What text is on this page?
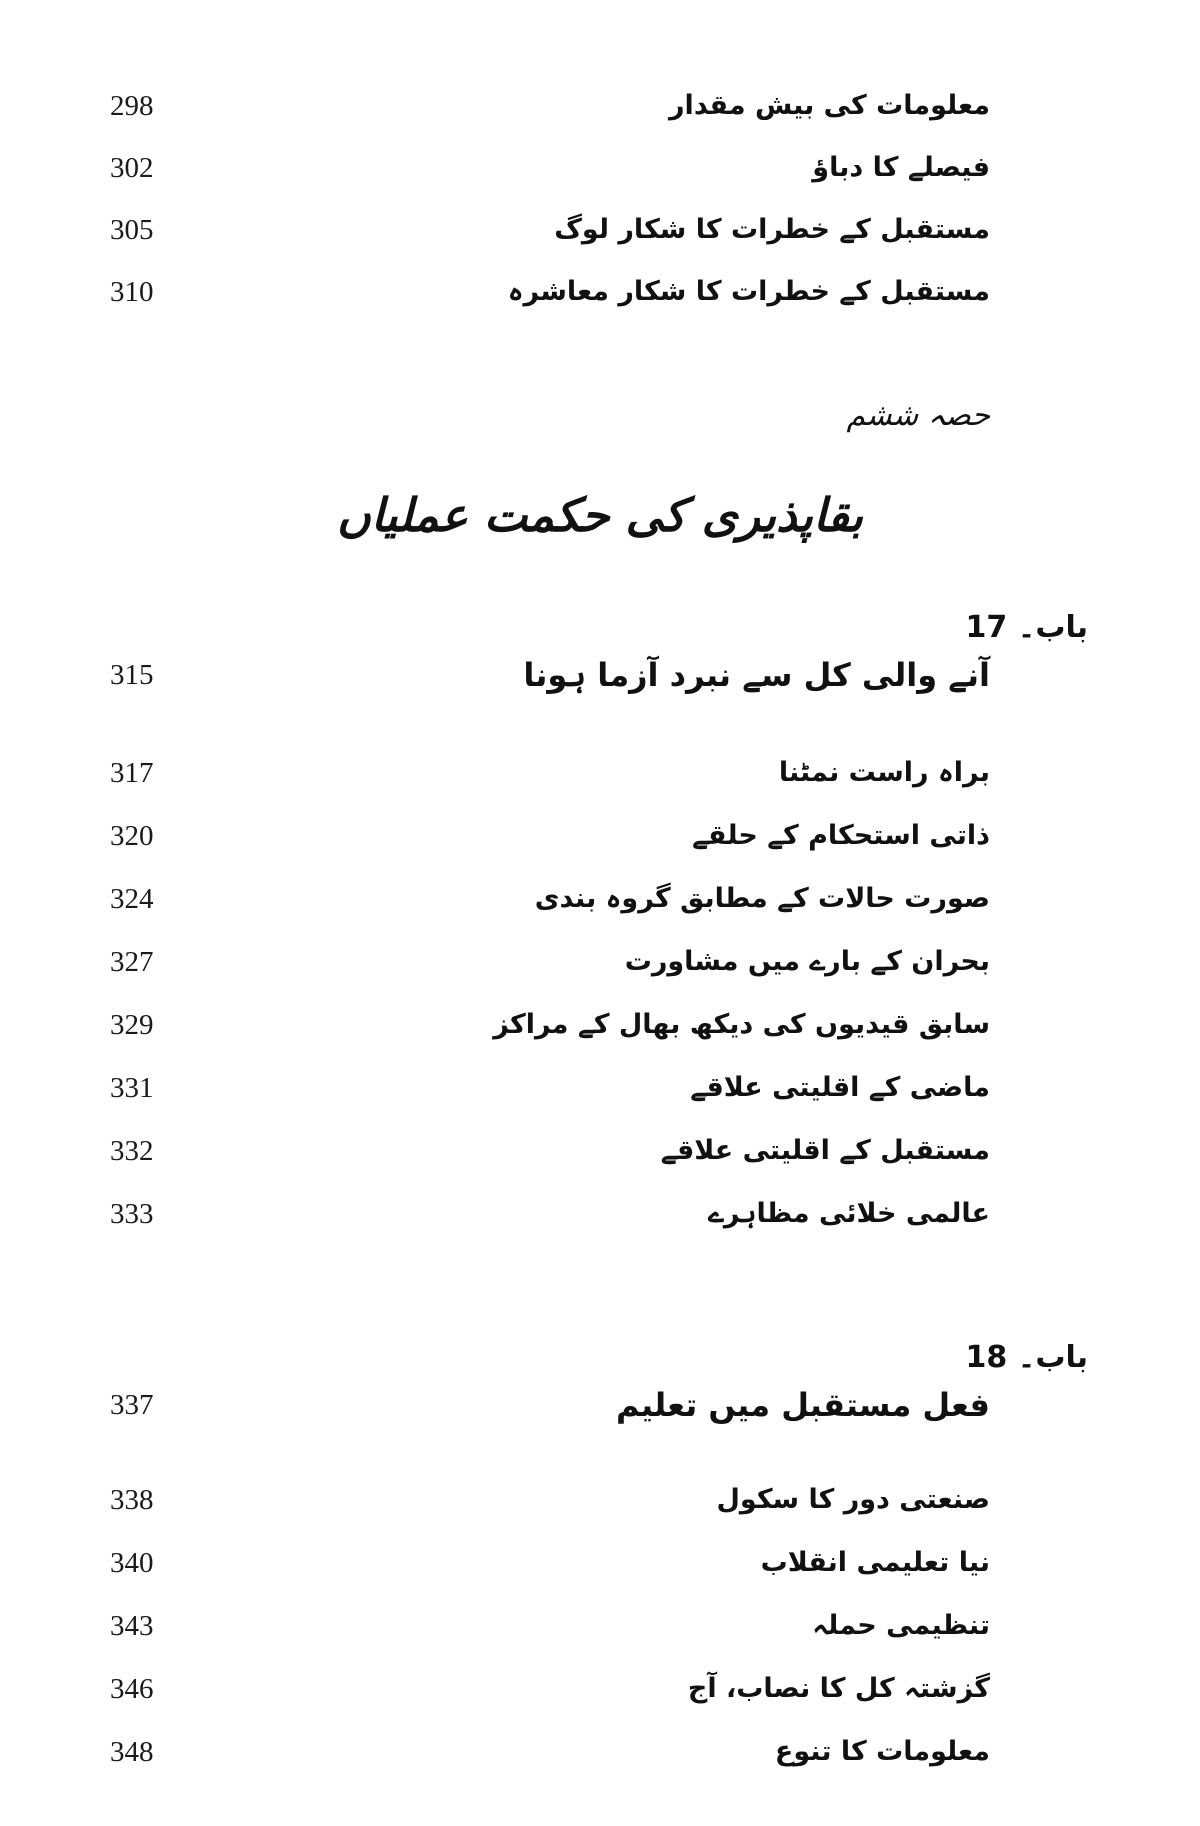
298	معلومات کی بیش مقدار
302	فیصلے کا دباؤ
305	مستقبل کے خطرات کا شکار لوگ
310	مستقبل کے خطرات کا شکار معاشرہ
حصہ ششم
بقاپذیری کی حکمت عملیاں
باب۔ 17
315	آنے والی کل سے نبرد آزما ہونا
317	براہ راست نمٹنا
320	ذاتی استحکام کے حلقے
324	صورت حالات کے مطابق گروہ بندی
327	بحران کے بارے میں مشاورت
329	سابق قیدیوں کی دیکھ بھال کے مراکز
331	ماضی کے اقلیتی علاقے
332	مستقبل کے اقلیتی علاقے
333	عالمی خلائی مظاہرے
باب۔ 18
337	فعل مستقبل میں تعلیم
338	صنعتی دور کا سکول
340	نیا تعلیمی انقلاب
343	تنظیمی حملہ
346	گزشتہ کل کا نصاب، آج
348	معلومات کا تنوع
